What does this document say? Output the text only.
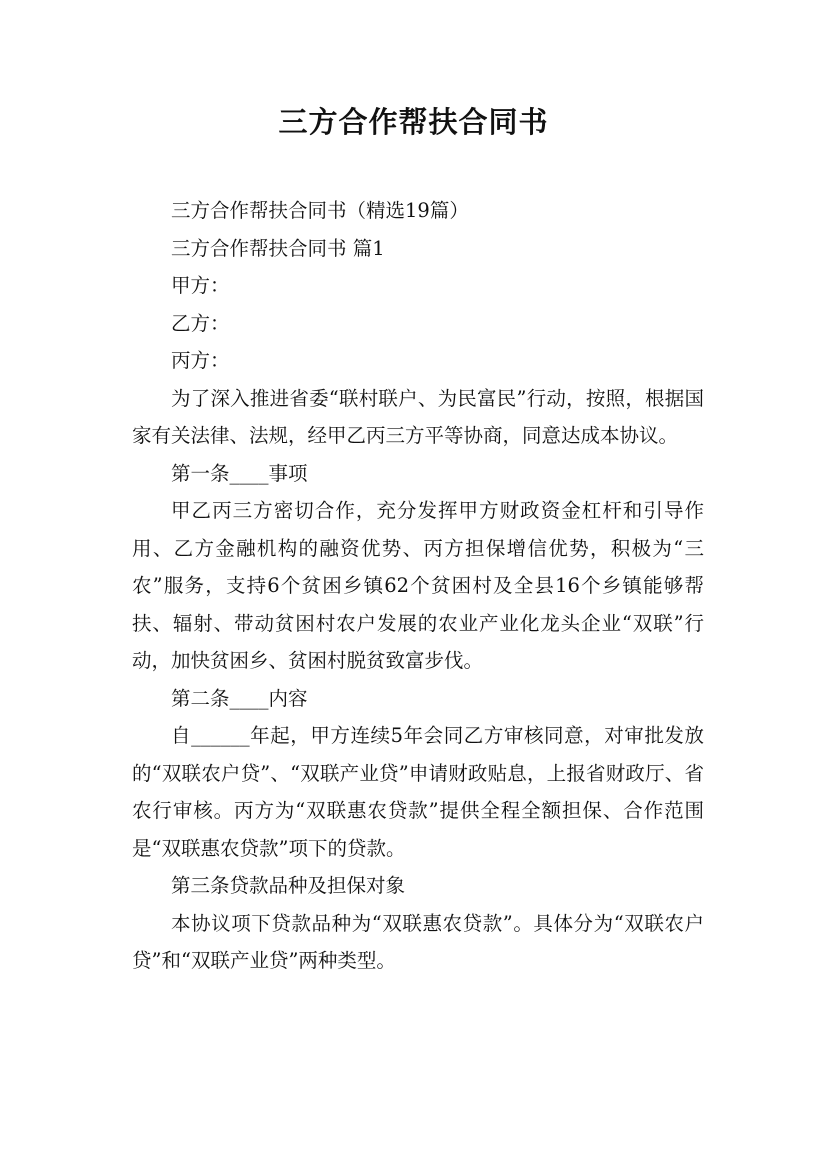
三方合作帮扶合同书

三方合作帮扶合同书（精选19篇）

三方合作帮扶合同书 篇1

甲方：

乙方：

丙方：

为了深入推进省委“联村联户、为民富民”行动，按照，根据国家有关法律、法规，经甲乙丙三方平等协商，同意达成本协议。

第一条____事项

甲乙丙三方密切合作，充分发挥甲方财政资金杠杆和引导作用、乙方金融机构的融资优势、丙方担保增信优势，积极为“三农”服务，支持6个贫困乡镇62个贫困村及全县16个乡镇能够帮扶、辐射、带动贫困村农户发展的农业产业化龙头企业“双联”行动，加快贫困乡、贫困村脱贫致富步伐。

第二条____内容

自______年起，甲方连续5年会同乙方审核同意，对审批发放的“双联农户贷”、“双联产业贷”申请财政贴息，上报省财政厅、省农行审核。丙方为“双联惠农贷款”提供全程全额担保、合作范围是“双联惠农贷款”项下的贷款。

第三条贷款品种及担保对象

本协议项下贷款品种为“双联惠农贷款”。具体分为“双联农户贷”和“双联产业贷”两种类型。
